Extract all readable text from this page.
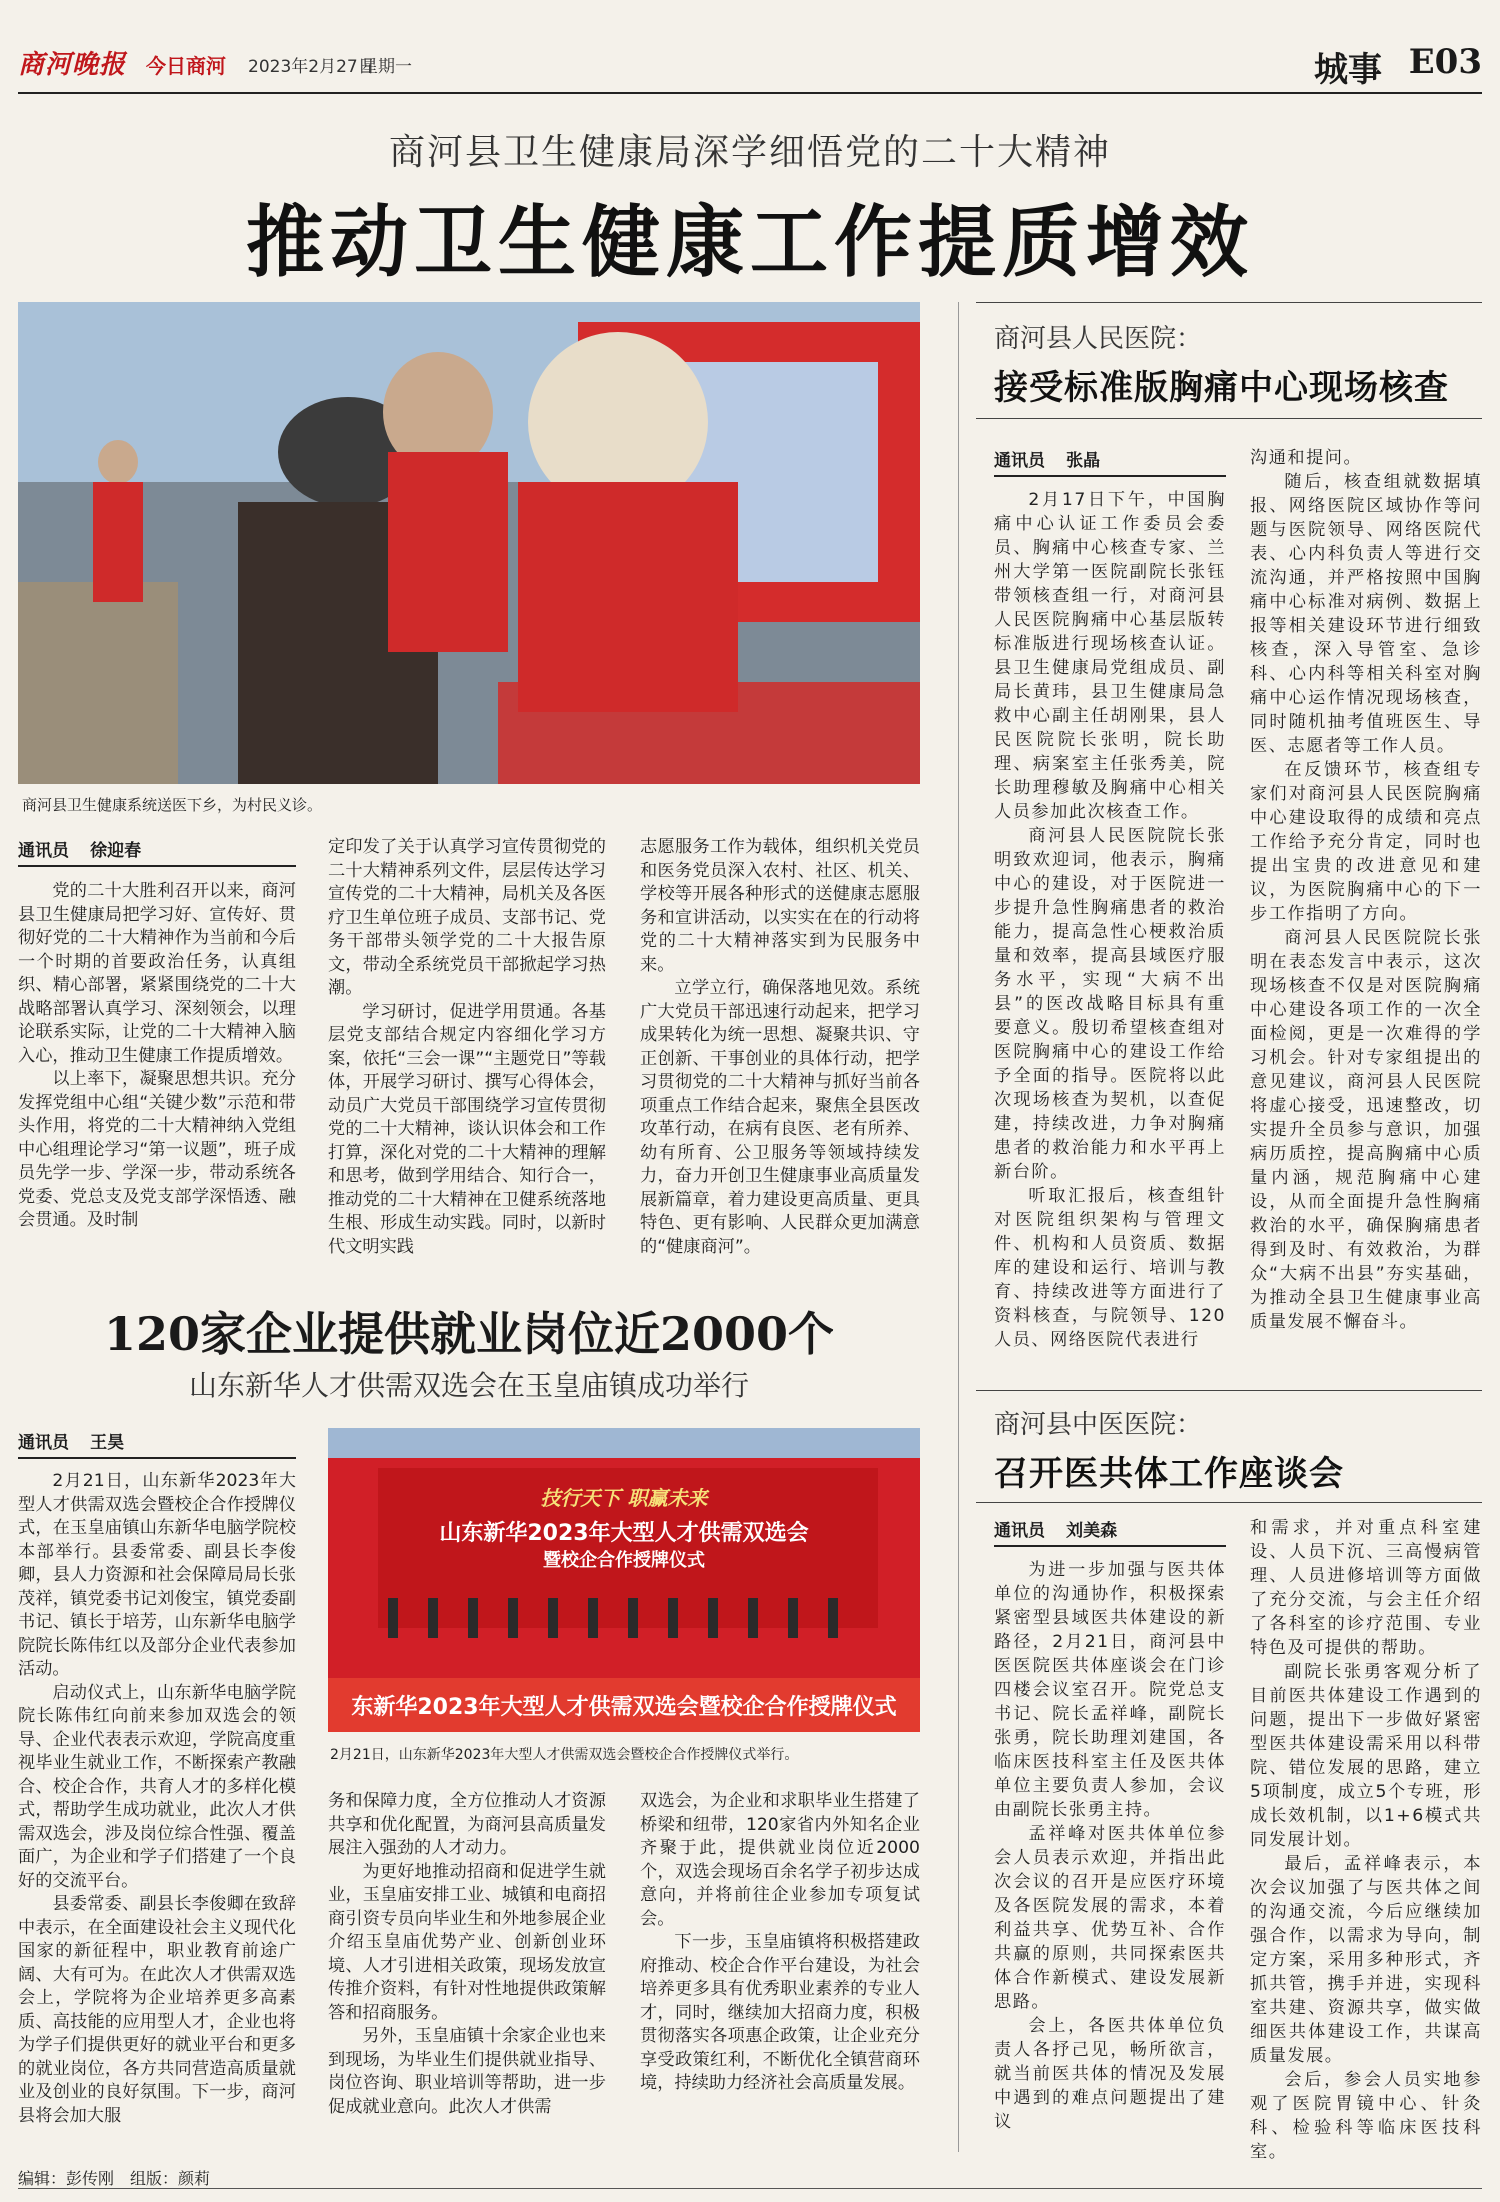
商河晚报 今日商河 2023年2月27日
星期一	城事 E03
商河县卫生健康局深学细悟党的二十大精神
推动卫生健康工作提质增效
商河县卫生健康系统送医下乡，为村民义诊。
通讯员 徐迎春

党的二十大胜利召开以来，商河县卫生健康局把学习好、宣传好、贯彻好党的二十大精神作为当前和今后一个时期的首要政治任务，认真组织、精心部署，紧紧围绕党的二十大战略部署认真学习、深刻领会，以理论联系实际，让党的二十大精神入脑入心，推动卫生健康工作提质增效。

以上率下，凝聚思想共识。充分发挥党组中心组“关键少数”示范和带头作用，将党的二十大精神纳入党组中心组理论学习“第一议题”，班子成员先学一步、学深一步，带动系统各党委、党总支及党支部学深悟透、融会贯通。及时制

定印发了关于认真学习宣传贯彻党的二十大精神系列文件，层层传达学习宣传党的二十大精神，局机关及各医疗卫生单位班子成员、支部书记、党务干部带头领学党的二十大报告原文，带动全系统党员干部掀起学习热潮。

学习研讨，促进学用贯通。各基层党支部结合规定内容细化学习方案，依托“三会一课”“主题党日”等载体，开展学习研讨、撰写心得体会，动员广大党员干部围绕学习宣传贯彻党的二十大精神，谈认识体会和工作打算，深化对党的二十大精神的理解和思考，做到学用结合、知行合一，推动党的二十大精神在卫健系统落地生根、形成生动实践。同时，以新时代文明实践

志愿服务工作为载体，组织机关党员和医务党员深入农村、社区、机关、学校等开展各种形式的送健康志愿服务和宣讲活动，以实实在在的行动将党的二十大精神落实到为民服务中来。

立学立行，确保落地见效。系统广大党员干部迅速行动起来，把学习成果转化为统一思想、凝聚共识、守正创新、干事创业的具体行动，把学习贯彻党的二十大精神与抓好当前各项重点工作结合起来，聚焦全县医改攻革行动，在病有良医、老有所养、幼有所育、公卫服务等领域持续发力，奋力开创卫生健康事业高质量发展新篇章，着力建设更高质量、更具特色、更有影响、人民群众更加满意的“健康商河”。

120家企业提供就业岗位近2000个
山东新华人才供需双选会在玉皇庙镇成功举行
通讯员 王昊

2月21日，山东新华2023年大型人才供需双选会暨校企合作授牌仪式，在玉皇庙镇山东新华电脑学院校本部举行。县委常委、副县长李俊卿，县人力资源和社会保障局局长张茂祥，镇党委书记刘俊宝，镇党委副书记、镇长于培芳，山东新华电脑学院院长陈伟红以及部分企业代表参加活动。

启动仪式上，山东新华电脑学院院长陈伟红向前来参加双选会的领导、企业代表表示欢迎，学院高度重视毕业生就业工作，不断探索产教融合、校企合作，共育人才的多样化模式，帮助学生成功就业，此次人才供需双选会，涉及岗位综合性强、覆盖面广，为企业和学子们搭建了一个良好的交流平台。

县委常委、副县长李俊卿在致辞中表示，在全面建设社会主义现代化国家的新征程中，职业教育前途广阔、大有可为。在此次人才供需双选会上，学院将为企业培养更多高素质、高技能的应用型人才，企业也将为学子们提供更好的就业平台和更多的就业岗位，各方共同营造高质量就业及创业的良好氛围。下一步，商河县将会加大服

技行天下 职赢未来
山东新华2023年大型人才供需双选会
暨校企合作授牌仪式
东新华2023年大型人才供需双选会暨校企合作授牌仪式
2月21日，山东新华2023年大型人才供需双选会暨校企合作授牌仪式举行。

务和保障力度，全方位推动人才资源共享和优化配置，为商河县高质量发展注入强劲的人才动力。

为更好地推动招商和促进学生就业，玉皇庙安排工业、城镇和电商招商引资专员向毕业生和外地参展企业介绍玉皇庙优势产业、创新创业环境、人才引进相关政策，现场发放宣传推介资料，有针对性地提供政策解答和招商服务。

另外，玉皇庙镇十余家企业也来到现场，为毕业生们提供就业指导、岗位咨询、职业培训等帮助，进一步促成就业意向。此次人才供需

双选会，为企业和求职毕业生搭建了桥梁和纽带，120家省内外知名企业齐聚于此，提供就业岗位近2000个，双选会现场百余名学子初步达成意向，并将前往企业参加专项复试会。

下一步，玉皇庙镇将积极搭建政府推动、校企合作平台建设，为社会培养更多具有优秀职业素养的专业人才，同时，继续加大招商力度，积极贯彻落实各项惠企政策，让企业充分享受政策红利，不断优化全镇营商环境，持续助力经济社会高质量发展。

商河县人民医院：
接受标准版胸痛中心现场核查
通讯员 张晶

2月17日下午，中国胸痛中心认证工作委员会委员、胸痛中心核查专家、兰州大学第一医院副院长张钰带领核查组一行，对商河县人民医院胸痛中心基层版转标准版进行现场核查认证。县卫生健康局党组成员、副局长黄玮，县卫生健康局急救中心副主任胡刚果，县人民医院院长张明，院长助理、病案室主任张秀美，院长助理穆敏及胸痛中心相关人员参加此次核查工作。

商河县人民医院院长张明致欢迎词，他表示，胸痛中心的建设，对于医院进一步提升急性胸痛患者的救治能力，提高急性心梗救治质量和效率，提高县域医疗服务水平，实现“大病不出县”的医改战略目标具有重要意义。殷切希望核查组对医院胸痛中心的建设工作给予全面的指导。医院将以此次现场核查为契机，以查促建，持续改进，力争对胸痛患者的救治能力和水平再上新台阶。

听取汇报后，核查组针对医院组织架构与管理文件、机构和人员资质、数据库的建设和运行、培训与教育、持续改进等方面进行了资料核查，与院领导、120人员、网络医院代表进行

沟通和提问。

随后，核查组就数据填报、网络医院区域协作等问题与医院领导、网络医院代表、心内科负责人等进行交流沟通，并严格按照中国胸痛中心标准对病例、数据上报等相关建设环节进行细致核查，深入导管室、急诊科、心内科等相关科室对胸痛中心运作情况现场核查，同时随机抽考值班医生、导医、志愿者等工作人员。

在反馈环节，核查组专家们对商河县人民医院胸痛中心建设取得的成绩和亮点工作给予充分肯定，同时也提出宝贵的改进意见和建议，为医院胸痛中心的下一步工作指明了方向。

商河县人民医院院长张明在表态发言中表示，这次现场核查不仅是对医院胸痛中心建设各项工作的一次全面检阅，更是一次难得的学习机会。针对专家组提出的意见建议，商河县人民医院将虚心接受，迅速整改，切实提升全员参与意识，加强病历质控，提高胸痛中心质量内涵，规范胸痛中心建设，从而全面提升急性胸痛救治的水平，确保胸痛患者得到及时、有效救治，为群众“大病不出县”夯实基础，为推动全县卫生健康事业高质量发展不懈奋斗。

商河县中医医院：
召开医共体工作座谈会
通讯员 刘美森

为进一步加强与医共体单位的沟通协作，积极探索紧密型县域医共体建设的新路径，2月21日，商河县中医医院医共体座谈会在门诊四楼会议室召开。院党总支书记、院长孟祥峰，副院长张勇，院长助理刘建国，各临床医技科室主任及医共体单位主要负责人参加，会议由副院长张勇主持。

孟祥峰对医共体单位参会人员表示欢迎，并指出此次会议的召开是应医疗环境及各医院发展的需求，本着利益共享、优势互补、合作共赢的原则，共同探索医共体合作新模式、建设发展新思路。

会上，各医共体单位负责人各抒己见，畅所欲言，就当前医共体的情况及发展中遇到的难点问题提出了建议

和需求，并对重点科室建设、人员下沉、三高慢病管理、人员进修培训等方面做了充分交流，与会主任介绍了各科室的诊疗范围、专业特色及可提供的帮助。

副院长张勇客观分析了目前医共体建设工作遇到的问题，提出下一步做好紧密型医共体建设需采用以科带院、错位发展的思路，建立5项制度，成立5个专班，形成长效机制，以1+6模式共同发展计划。

最后，孟祥峰表示，本次会议加强了与医共体之间的沟通交流，今后应继续加强合作，以需求为导向，制定方案，采用多种形式，齐抓共管，携手并进，实现科室共建、资源共享，做实做细医共体建设工作，共谋高质量发展。

会后，参会人员实地参观了医院胃镜中心、针灸科、检验科等临床医技科室。

编辑：彭传刚　组版：颜莉
